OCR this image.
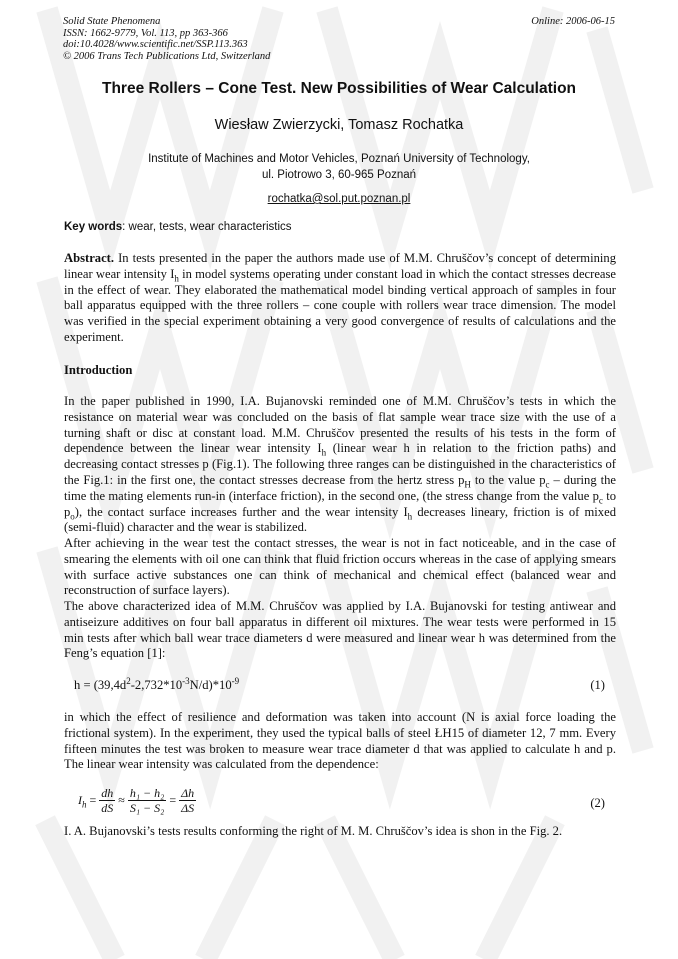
Solid State Phenomena
ISSN: 1662-9779, Vol. 113, pp 363-366
doi:10.4028/www.scientific.net/SSP.113.363
© 2006 Trans Tech Publications Ltd, Switzerland
Online: 2006-06-15
Three Rollers – Cone Test. New Possibilities of Wear Calculation
Wiesław Zwierzycki, Tomasz Rochatka
Institute of Machines and Motor Vehicles, Poznań University of Technology,
ul. Piotrowo 3, 60-965 Poznań
rochatka@sol.put.poznan.pl
Key words: wear, tests, wear characteristics

Abstract. In tests presented in the paper the authors made use of M.M. Chruščov’s concept of determining linear wear intensity $I_h$ in model systems operating under constant load in which the contact stresses decrease in the effect of wear. They elaborated the mathematical model binding vertical approach of samples in four ball apparatus equipped with the three rollers – cone couple with rollers wear trace dimension. The model was verified in the special experiment obtaining a very good convergence of results of calculations and the experiment.

Introduction

In the paper published in 1990, I.A. Bujanovski reminded one of M.M. Chruščov’s tests in which the resistance on material wear was concluded on the basis of flat sample wear trace size with the use of a turning shaft or disc at constant load. M.M. Chruščov presented the results of his tests in the form of dependence between the linear wear intensity $I_h$ (linear wear h in relation to the friction paths) and decreasing contact stresses p (Fig.1). The following three ranges can be distinguished in the characteristics of the Fig.1: in the first one, the contact stresses decrease from the hertz stress $p_H$ to the value $p_c$ – during the time the mating elements run-in (interface friction), in the second one, (the stress change from the value $p_c$ to $p_o$), the contact surface increases further and the wear intensity $I_h$ decreases lineary, friction is of mixed (semi-fluid) character and the wear is stabilized.

After achieving in the wear test the contact stresses, the wear is not in fact noticeable, and in the case of smearing the elements with oil one can think that fluid friction occurs whereas in the case of applying smears with surface active substances one can think of mechanical and chemical effect (balanced wear and reconstruction of surface layers).

The above characterized idea of M.M. Chruščov was applied by I.A. Bujanovski for testing antiwear and antiseizure additives on four ball apparatus in different oil mixtures. The wear tests were performed in 15 min tests after which ball wear trace diameters d were measured and linear wear h was determined from the Feng’s equation [1]:

$h = (39,4d^2-2,732*10^{-3}N/d)*10^{-9}$	(1)

in which the effect of resilience and deformation was taken into account (N is axial force loading the frictional system). In the experiment, they used the typical balls of steel ŁH15 of diameter 12, 7 mm. Every fifteen minutes the test was broken to measure wear trace diameter d that was applied to calculate h and p. The linear wear intensity was calculated from the dependence:

$I_h = \frac{dh}{dS} \approx \frac{\text{h₁ − h₂}}{\text{S₁ − S₂}} = \frac{\Delta h}{\Delta S}$	(2)
I. A. Bujanovski’s tests results conforming the right of M. M. Chruščov’s idea is shon in the Fig. 2.
